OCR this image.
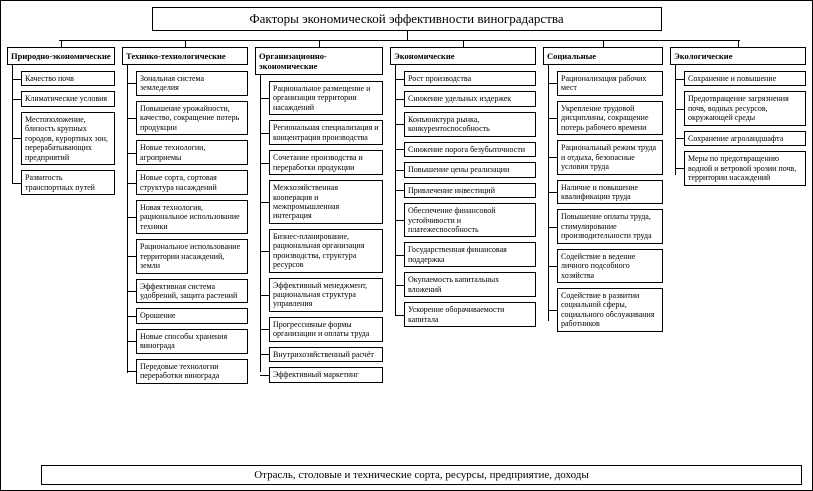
Факторы экономической эффективности виноградарства
Природно-экономические
Качество почв
Климатические условия
Местоположение, близость крупных городов, курортных зон, перерабатывающих предприятий
Развитость транспортных путей
Технико-технологические
Зональная система земледелия
Повышение урожайности, качество, сокращение потерь продукции
Новые технологии, агроприемы
Новые сорта, сортовая структура насаждений
Новая технология, рациональное использование техники
Рациональное использование территории насаждений, земли
Эффективная система удобрений, защита растений
Орошение
Новые способы хранения винограда
Передовые технологии переработки винограда
Организационно-экономические
Рациональное размещение и организация территории насаждений
Региональная специализация и концентрация производства
Сочетание производства и переработки продукции
Межхозяйственная кооперация и межпромышленная интеграция
Бизнес-планирование, рациональная организация производства, структура ресурсов
Эффективный менеджмент, рациональная структура управления
Прогрессивные формы организации и оплаты труда
Внутрихозяйственный расчёт
Эффективный маркетинг
Экономические
Рост производства
Снижение удельных издержек
Конъюнктура рынка, конкурентоспособность
Снижение порога безубыточности
Повышение цены реализации
Привлечение инвестиций
Обеспечение финансовой устойчивости и платежеспособность
Государственная финансовая поддержка
Окупаемость капитальных вложений
Ускорение оборачиваемости капитала
Социальные
Рационализация рабочих мест
Укрепление трудовой дисциплины, сокращение потерь рабочего времени
Рациональный режим труда и отдыха, безопасные условия труда
Наличие и повышение квалификации труда
Повышение оплаты труда, стимулирование производительности труда
Содействие в ведение личного подсобного хозяйства
Содействие в развитии социальной сферы, социального обслуживания работников
Экологические
Сохранение и повышение
Предотвращение загрязнения почв, водных ресурсов, окружающей среды
Сохранение агроландшафта
Меры по предотвращению водной и ветровой эрозии почв, территории насаждений
Отрасль, столовые и технические сорта, ресурсы, предприятие, доходы
